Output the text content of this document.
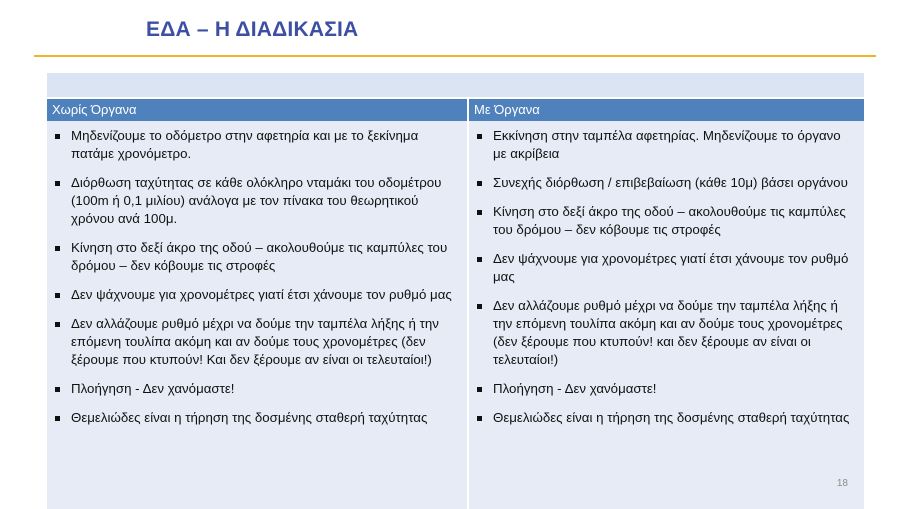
ΕΔΑ – Η ΔΙΑΔΙΚΑΣΙΑ
Χωρίς Όργανα	Με Όργανα
Μηδενίζουμε το οδόμετρο στην αφετηρία και με το ξεκίνημα πατάμε χρονόμετρο.
Διόρθωση ταχύτητας σε κάθε ολόκληρο νταμάκι του οδομέτρου (100m ή 0,1 μιλίου) ανάλογα με τον πίνακα του θεωρητικού χρόνου ανά 100μ.
Κίνηση στο δεξί άκρο της οδού – ακολουθούμε τις καμπύλες του δρόμου – δεν κόβουμε τις στροφές
Δεν ψάχνουμε για χρονομέτρες γιατί έτσι χάνουμε τον ρυθμό μας
Δεν αλλάζουμε ρυθμό μέχρι να δούμε την ταμπέλα λήξης ή την επόμενη τουλίπα ακόμη και αν δούμε τους χρονομέτρες (δεν ξέρουμε που κτυπούν! Και δεν ξέρουμε αν είναι οι τελευταίοι!)
Πλοήγηση - Δεν χανόμαστε!
Θεμελιώδες είναι η τήρηση της δοσμένης σταθερή ταχύτητας
Εκκίνηση στην ταμπέλα αφετηρίας. Μηδενίζουμε το όργανο με ακρίβεια
Συνεχής διόρθωση / επιβεβαίωση (κάθε 10μ) βάσει οργάνου
Κίνηση στο δεξί άκρο της οδού – ακολουθούμε τις καμπύλες του δρόμου – δεν κόβουμε τις στροφές
Δεν ψάχνουμε για χρονομέτρες γιατί έτσι χάνουμε τον ρυθμό μας
Δεν αλλάζουμε ρυθμό μέχρι να δούμε την ταμπέλα λήξης ή την επόμενη τουλίπα ακόμη και αν δούμε τους χρονομέτρες (δεν ξέρουμε που κτυπούν! και δεν ξέρουμε αν είναι οι τελευταίοι!)
Πλοήγηση - Δεν χανόμαστε!
Θεμελιώδες είναι η τήρηση της δοσμένης σταθερή ταχύτητας
18
